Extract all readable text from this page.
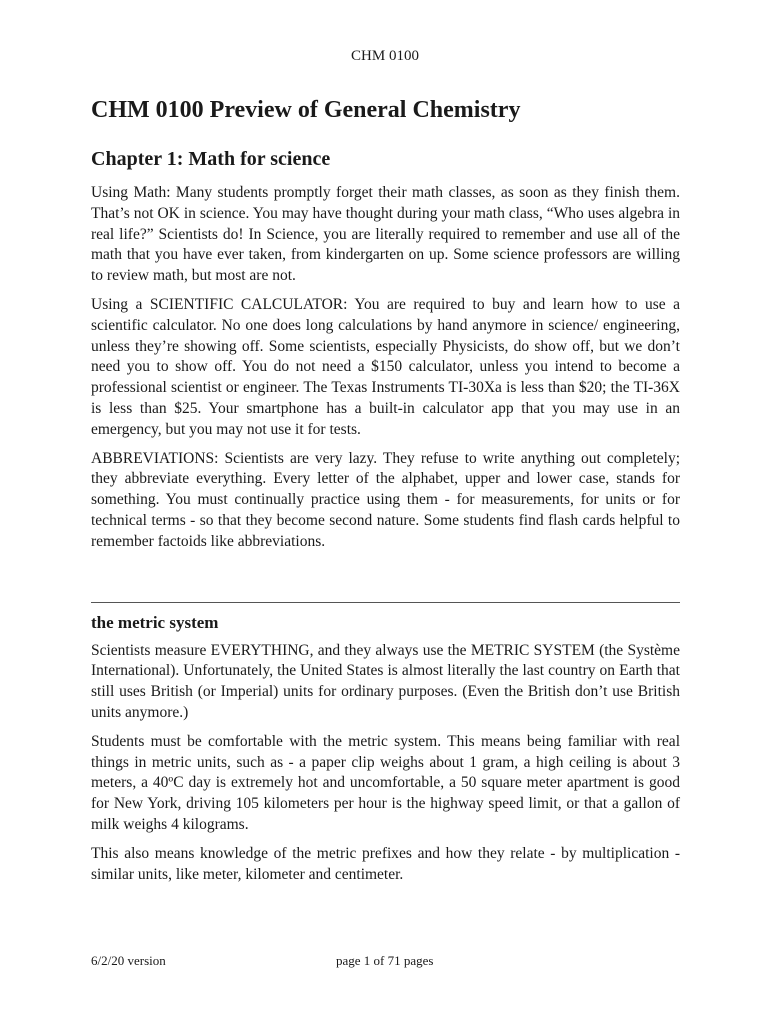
CHM 0100
CHM 0100 Preview of General Chemistry
Chapter 1: Math for science

Using Math: Many students promptly forget their math classes, as soon as they finish them. That’s not OK in science. You may have thought during your math class, “Who uses algebra in real life?” Scientists do! In Science, you are literally required to remember and use all of the math that you have ever taken, from kindergarten on up. Some science professors are willing to review math, but most are not.

Using a SCIENTIFIC CALCULATOR: You are required to buy and learn how to use a scientific calculator. No one does long calculations by hand anymore in science/ engineering, unless they’re showing off. Some scientists, especially Physicists, do show off, but we don’t need you to show off. You do not need a $150 calculator, unless you intend to become a professional scientist or engineer. The Texas Instruments TI-30Xa is less than $20; the TI-36X is less than $25. Your smartphone has a built-in calculator app that you may use in an emergency, but you may not use it for tests.

ABBREVIATIONS: Scientists are very lazy. They refuse to write anything out completely; they abbreviate everything. Every letter of the alphabet, upper and lower case, stands for something. You must continually practice using them - for measurements, for units or for technical terms - so that they become second nature. Some students find flash cards helpful to remember factoids like abbreviations.

the metric system

Scientists measure EVERYTHING, and they always use the METRIC SYSTEM (the Système International). Unfortunately, the United States is almost literally the last country on Earth that still uses British (or Imperial) units for ordinary purposes. (Even the British don’t use British units anymore.)

Students must be comfortable with the metric system. This means being familiar with real things in metric units, such as - a paper clip weighs about 1 gram, a high ceiling is about 3 meters, a 40ºC day is extremely hot and uncomfortable, a 50 square meter apartment is good for New York, driving 105 kilometers per hour is the highway speed limit, or that a gallon of milk weighs 4 kilograms.

This also means knowledge of the metric prefixes and how they relate - by multiplication - similar units, like meter, kilometer and centimeter.

6/2/20 version	page 1 of 71 pages
